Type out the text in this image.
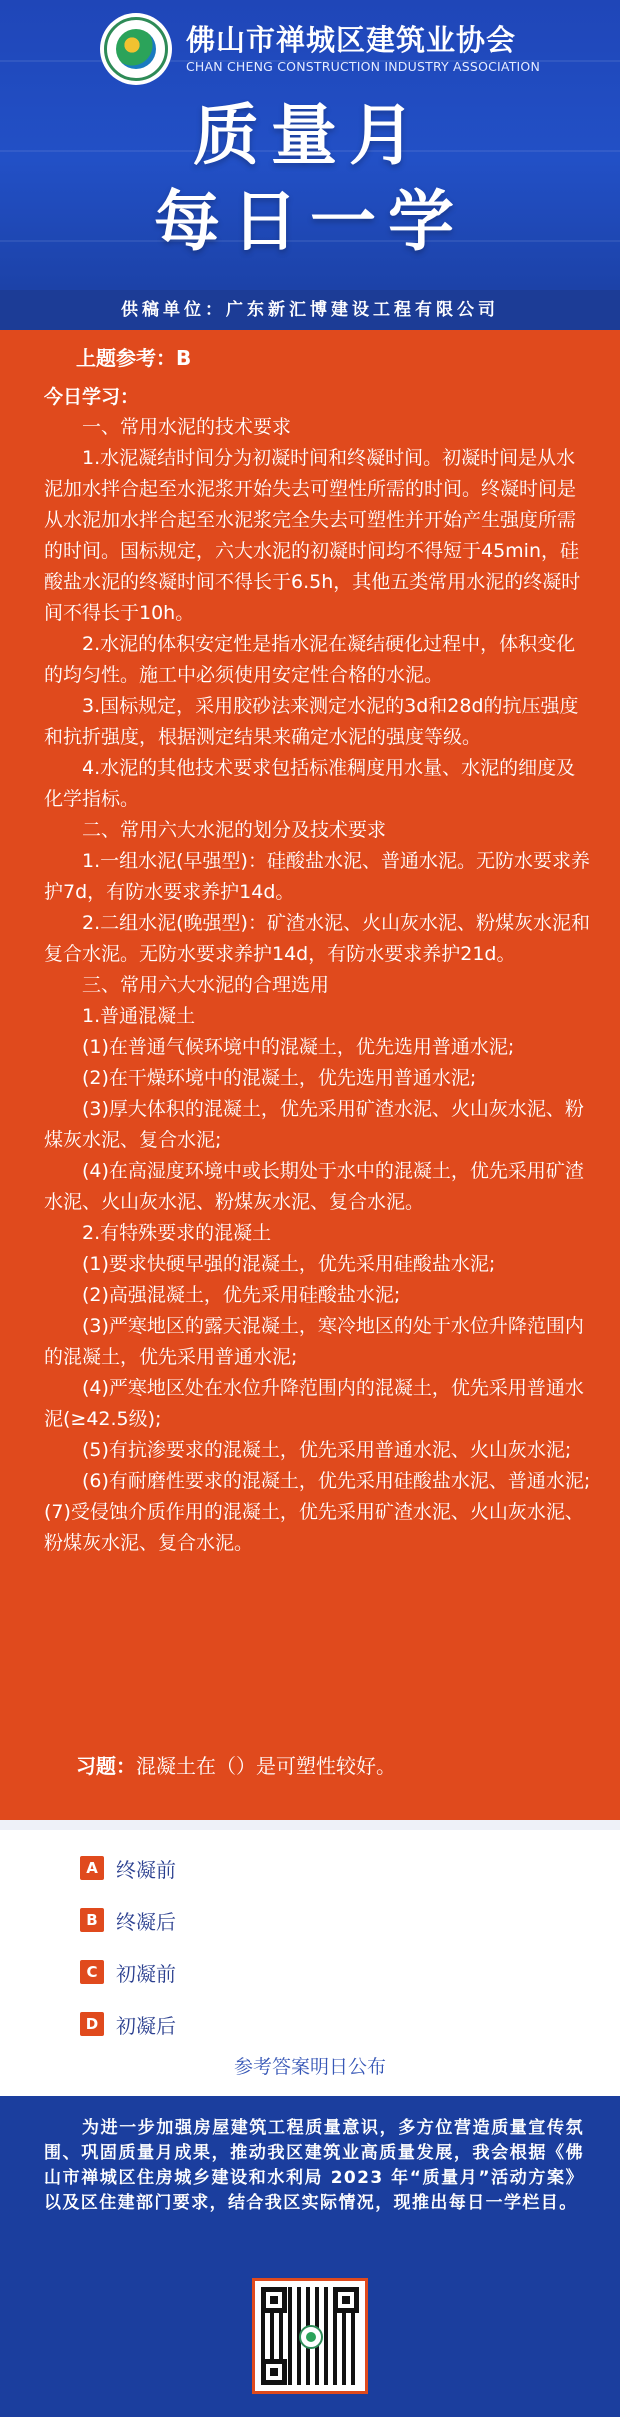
佛山市禅城区建筑业协会
CHAN CHENG CONSTRUCTION INDUSTRY ASSOCIATION
质量月
每日一学
供稿单位：广东新汇博建设工程有限公司
上题参考：B
今日学习：

一、常用水泥的技术要求

1.水泥凝结时间分为初凝时间和终凝时间。初凝时间是从水泥加水拌合起至水泥浆开始失去可塑性所需的时间。终凝时间是从水泥加水拌合起至水泥浆完全失去可塑性并开始产生强度所需的时间。国标规定，六大水泥的初凝时间均不得短于45min，硅酸盐水泥的终凝时间不得长于6.5h，其他五类常用水泥的终凝时间不得长于10h。

2.水泥的体积安定性是指水泥在凝结硬化过程中，体积变化的均匀性。施工中必须使用安定性合格的水泥。

3.国标规定，采用胶砂法来测定水泥的3d和28d的抗压强度和抗折强度，根据测定结果来确定水泥的强度等级。

4.水泥的其他技术要求包括标准稠度用水量、水泥的细度及化学指标。

二、常用六大水泥的划分及技术要求

1.一组水泥(早强型)：硅酸盐水泥、普通水泥。无防水要求养护7d，有防水要求养护14d。

2.二组水泥(晚强型)：矿渣水泥、火山灰水泥、粉煤灰水泥和复合水泥。无防水要求养护14d，有防水要求养护21d。

三、常用六大水泥的合理选用

1.普通混凝土

(1)在普通气候环境中的混凝土，优先选用普通水泥;

(2)在干燥环境中的混凝土，优先选用普通水泥;

(3)厚大体积的混凝土，优先采用矿渣水泥、火山灰水泥、粉煤灰水泥、复合水泥;

(4)在高湿度环境中或长期处于水中的混凝土，优先采用矿渣水泥、火山灰水泥、粉煤灰水泥、复合水泥。

2.有特殊要求的混凝土

(1)要求快硬早强的混凝土，优先采用硅酸盐水泥;

(2)高强混凝土，优先采用硅酸盐水泥;

(3)严寒地区的露天混凝土，寒冷地区的处于水位升降范围内的混凝土，优先采用普通水泥;

(4)严寒地区处在水位升降范围内的混凝土，优先采用普通水泥(≥42.5级);

(5)有抗渗要求的混凝土，优先采用普通水泥、火山灰水泥;

(6)有耐磨性要求的混凝土，优先采用硅酸盐水泥、普通水泥;

(7)受侵蚀介质作用的混凝土，优先采用矿渣水泥、火山灰水泥、粉煤灰水泥、复合水泥。

习题：混凝土在（）是可塑性较好。
A 终凝前
B 终凝后
C 初凝前
D 初凝后
参考答案明日公布
为进一步加强房屋建筑工程质量意识，多方位营造质量宣传氛围、巩固质量月成果，推动我区建筑业高质量发展，我会根据《佛山市禅城区住房城乡建设和水利局 2023 年“质量月”活动方案》以及区住建部门要求，结合我区实际情况，现推出每日一学栏目。
